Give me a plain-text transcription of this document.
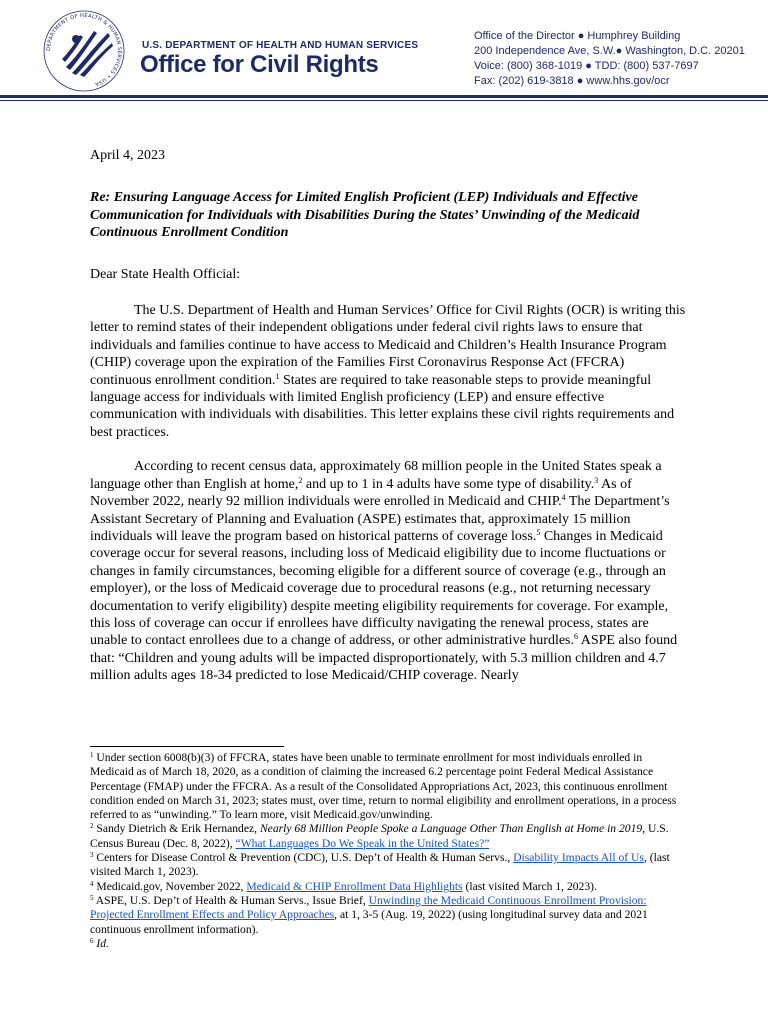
DEPARTMENT OF HEALTH & HUMAN SERVICES • USA
U.S. DEPARTMENT OF HEALTH AND HUMAN SERVICES
Office for Civil Rights
Office of the Director ● Humphrey Building
200 Independence Ave, S.W.● Washington, D.C. 20201
Voice: (800) 368-1019 ● TDD: (800) 537-7697
Fax: (202) 619-3818 ● www.hhs.gov/ocr

April 4, 2023

Re: Ensuring Language Access for Limited English Proficient (LEP) Individuals and Effective Communication for Individuals with Disabilities During the States’ Unwinding of the Medicaid Continuous Enrollment Condition

Dear State Health Official:

The U.S. Department of Health and Human Services’ Office for Civil Rights (OCR) is writing this letter to remind states of their independent obligations under federal civil rights laws to ensure that individuals and families continue to have access to Medicaid and Children’s Health Insurance Program (CHIP) coverage upon the expiration of the Families First Coronavirus Response Act (FFCRA) continuous enrollment condition.$^1$ States are required to take reasonable steps to provide meaningful language access for individuals with limited English proficiency (LEP) and ensure effective communication with individuals with disabilities. This letter explains these civil rights requirements and best practices.

According to recent census data, approximately 68 million people in the United States speak a language other than English at home,$^2$ and up to 1 in 4 adults have some type of disability.$^3$ As of November 2022, nearly 92 million individuals were enrolled in Medicaid and CHIP.$^4$ The Department’s Assistant Secretary of Planning and Evaluation (ASPE) estimates that, approximately 15 million individuals will leave the program based on historical patterns of coverage loss.$^5$ Changes in Medicaid coverage occur for several reasons, including loss of Medicaid eligibility due to income fluctuations or changes in family circumstances, becoming eligible for a different source of coverage (e.g., through an employer), or the loss of Medicaid coverage due to procedural reasons (e.g., not returning necessary documentation to verify eligibility) despite meeting eligibility requirements for coverage. For example, this loss of coverage can occur if enrollees have difficulty navigating the renewal process, states are unable to contact enrollees due to a change of address, or other administrative hurdles.$^6$ ASPE also found that: “Children and young adults will be impacted disproportionately, with 5.3 million children and 4.7 million adults ages 18-34 predicted to lose Medicaid/CHIP coverage. Nearly

$^1$ Under section 6008(b)(3) of FFCRA, states have been unable to terminate enrollment for most individuals enrolled in Medicaid as of March 18, 2020, as a condition of claiming the increased 6.2 percentage point Federal Medical Assistance Percentage (FMAP) under the FFCRA. As a result of the Consolidated Appropriations Act, 2023, this continuous enrollment condition ended on March 31, 2023; states must, over time, return to normal eligibility and enrollment operations, in a process referred to as “unwinding.” To learn more, visit Medicaid.gov/unwinding.

$^2$ Sandy Dietrich & Erik Hernandez, Nearly 68 Million People Spoke a Language Other Than English at Home in 2019, U.S. Census Bureau (Dec. 8, 2022), “What Languages Do We Speak in the United States?”

$^3$ Centers for Disease Control & Prevention (CDC), U.S. Dep’t of Health & Human Servs., Disability Impacts All of Us, (last visited March 1, 2023).

$^4$ Medicaid.gov, November 2022, Medicaid & CHIP Enrollment Data Highlights (last visited March 1, 2023).

$^5$ ASPE, U.S. Dep’t of Health & Human Servs., Issue Brief, Unwinding the Medicaid Continuous Enrollment Provision: Projected Enrollment Effects and Policy Approaches, at 1, 3-5 (Aug. 19, 2022) (using longitudinal survey data and 2021 continuous enrollment information).

$^6$ Id.
